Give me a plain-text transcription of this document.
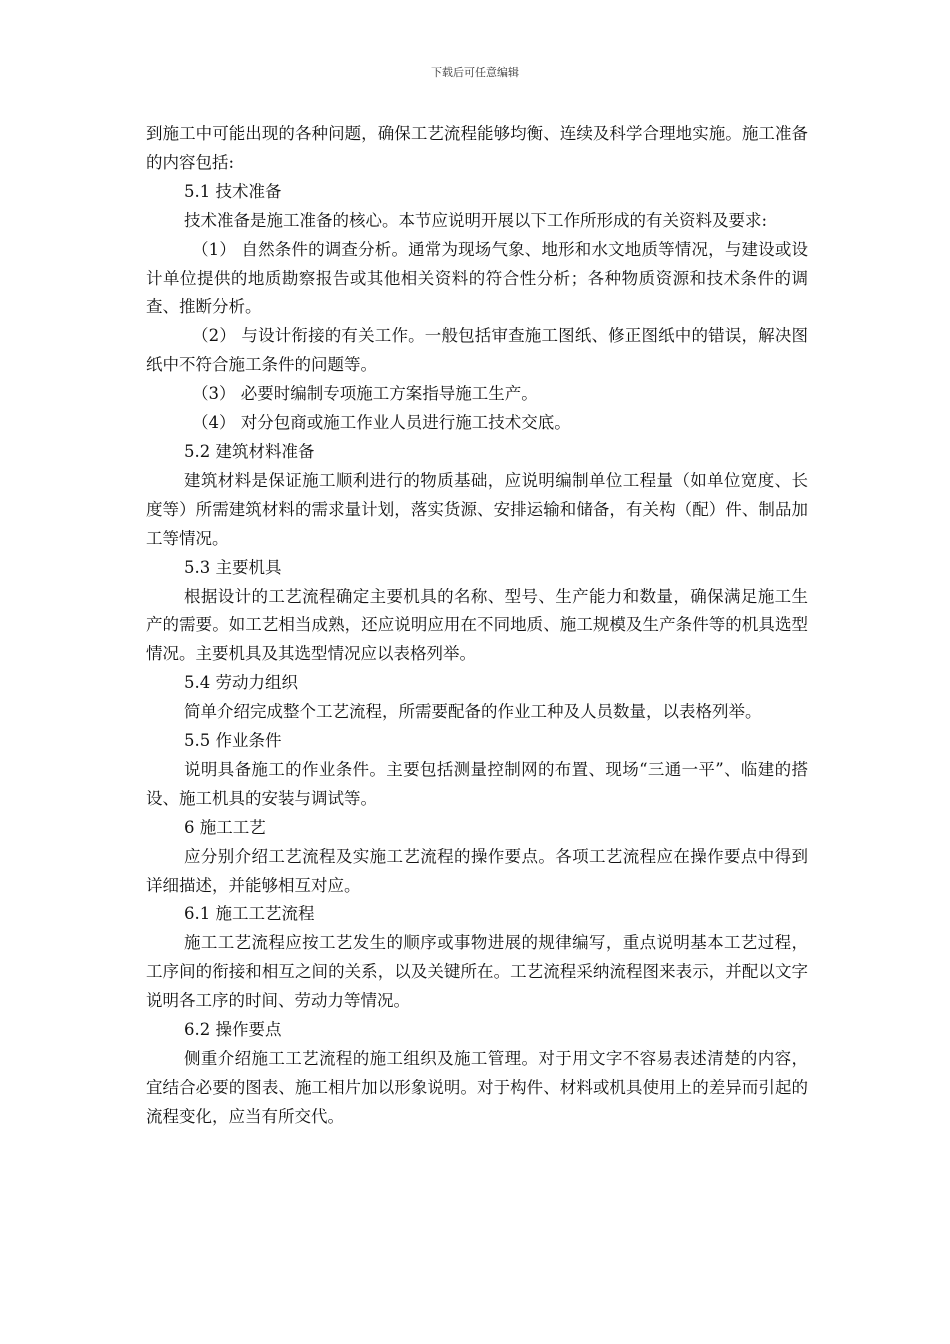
下载后可任意编辑

到施工中可能出现的各种问题，确保工艺流程能够均衡、连续及科学合理地实施。施工准备的内容包括:

5.1 技术准备

技术准备是施工准备的核心。本节应说明开展以下工作所形成的有关资料及要求:

（1） 自然条件的调查分析。通常为现场气象、地形和水文地质等情况，与建设或设计单位提供的地质勘察报告或其他相关资料的符合性分析；各种物质资源和技术条件的调查、推断分析。

（2） 与设计衔接的有关工作。一般包括审查施工图纸、修正图纸中的错误，解决图纸中不符合施工条件的问题等。

（3） 必要时编制专项施工方案指导施工生产。

（4） 对分包商或施工作业人员进行施工技术交底。

5.2 建筑材料准备

建筑材料是保证施工顺利进行的物质基础，应说明编制单位工程量（如单位宽度、长度等）所需建筑材料的需求量计划，落实货源、安排运输和储备，有关构（配）件、制品加工等情况。

5.3 主要机具

根据设计的工艺流程确定主要机具的名称、型号、生产能力和数量，确保满足施工生产的需要。如工艺相当成熟，还应说明应用在不同地质、施工规模及生产条件等的机具选型情况。主要机具及其选型情况应以表格列举。

5.4 劳动力组织

简单介绍完成整个工艺流程，所需要配备的作业工种及人员数量，以表格列举。

5.5 作业条件

说明具备施工的作业条件。主要包括测量控制网的布置、现场“三通一平”、临建的搭设、施工机具的安装与调试等。

6 施工工艺

应分别介绍工艺流程及实施工艺流程的操作要点。各项工艺流程应在操作要点中得到详细描述，并能够相互对应。

6.1 施工工艺流程

施工工艺流程应按工艺发生的顺序或事物进展的规律编写，重点说明基本工艺过程，工序间的衔接和相互之间的关系，以及关键所在。工艺流程采纳流程图来表示，并配以文字说明各工序的时间、劳动力等情况。

6.2 操作要点

侧重介绍施工工艺流程的施工组织及施工管理。对于用文字不容易表述清楚的内容，宜结合必要的图表、施工相片加以形象说明。对于构件、材料或机具使用上的差异而引起的流程变化，应当有所交代。
